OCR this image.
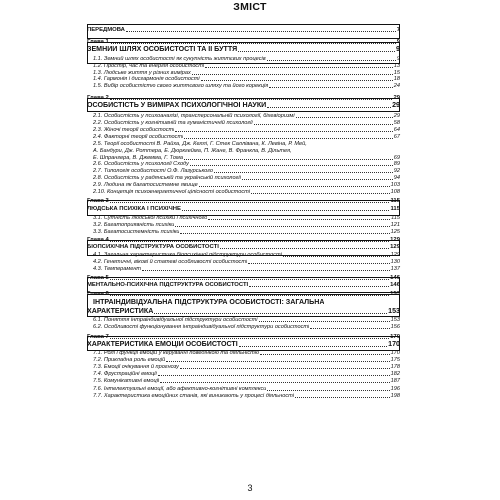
ЗМІСТ
ПЕРЕДМОВА	7
Глава 1.	9
ЗЕМНИЙ ШЛЯХ ОСОБИСТОСТІ ТА ЇЇ БУТТЯ	9
1.1. Земний шлях особистості як сукупність життєвих процесів	9
1.2. Простір, час та енергія особистості	13
1.3. Людське життя у різних вимірах	15
1.4. Гармонія і дисгармонія особистості	18
1.5. Вибір особистістю свого життєвого шляху та його корекція	24
Глава 2	29
ОСОБИСТІСТЬ У ВИМІРАХ ПСИХОЛОГІЧНОЇ НАУКИ	29
2.1. Особистість у психоаналізі, трансперсональній психології, біхевіоризмі	29
2.2. Особистість у когнітивній та гуманістичній психології	58
2.3. Жіночі теорії особистості	64
2.4. Факторні теорії особистості	67
2.5. Теорії особистості В. Райха, Дж. Келлі, Г. Стек Салліванa, К. Левіна, Р. Мей,
А. Бандури, Дж. Роттера, Е. Дюркгейма, П. Жане, В. Франкла, В. Дільтея,
Е. Шпрангера, В. Джемма, Г. Тома	69
2.6. Особистість у психології Сходу	89
2.7. Типологія особистості О.Ф. Лазурського	92
2.8. Особистість у радянській та українській психології	94
2.9. Людина як багатосистемне явище	103
2.10. Концепція психоенергетичної цілісності особистості	108
Глава 3	115
ЛЮДСЬКА ПСИХІКА І ПСИХІЧНЕ	115
3.1. Сутність людської психіки і психічного	115
3.2. Багатоприявність психіки	121
3.3. Багатосистемність психіки	125
Глава 4	129
БІОПСИХІЧНА ПІДСТРУКТУРА ОСОБИСТОСТІ	129
4.1. Загальна характеристика біопсихічної підструктури особистості	129
4.2. Генетичні, вікові й статеві особливості особистості	130
4.3. Темперамент	137
Глава 5	146
МЕНТАЛЬНО-ПСИХІЧНА ПІДСТРУКТУРА ОСОБИСТОСТІ	146
Глава 6	153
ІНТРАІНДИВІДУАЛЬНА ПІДСТРУКТУРА ОСОБИСТОСТІ: ЗАГАЛЬНА
ХАРАКТЕРИСТИКА	153
6.1. Поняття інтраіндивідуальної підструктури особистості	153
6.2. Особливості функціонування інтраіндивідуальної підструктури особистості	156
Глава 7	170
ХАРАКТЕРИСТИКА ЕМОЦІЙ ОСОБИСТОСТІ	170
7.1. Ролі і функції емоцій у керуванні поведінкою та діяльністю	170
7.2. Прикладна роль емоцій	175
7.3. Емоції очікування й прогнозу	178
7.4. Фрустраційні емоції	182
7.5. Комунікативні емоції	187
7.6. Інтелектуальні емоції, або афективно-когнітивні комплекси	196
7.7. Характеристика емоційних станів, які виникають у процесі діяльності	198
3
